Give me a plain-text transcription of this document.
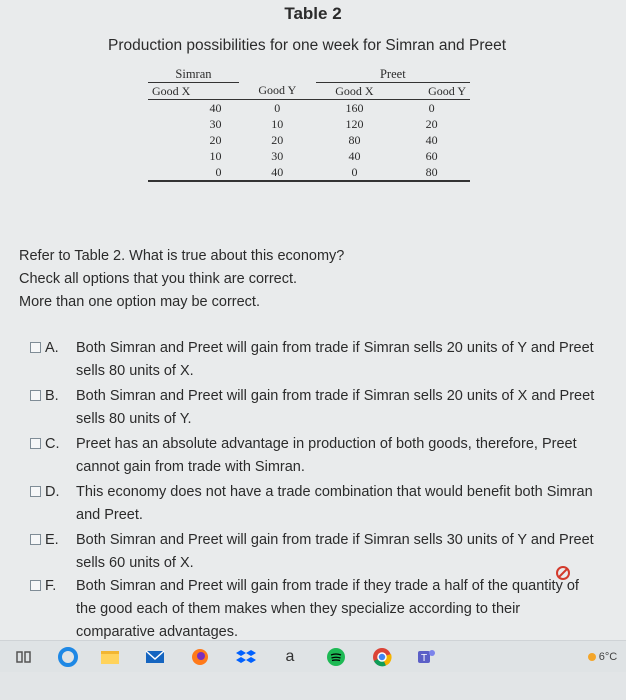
Table 2
Production possibilities for one week for Simran and Preet
Simran			Preet	
Good X		Good Y	Good X	Good Y
40		0	160	0
30		10	120	20
20		20	80	40
10		30	40	60
0		40	0	80
Refer to Table 2. What is true about this economy?
Check all options that you think are correct.
More than one option may be correct.
A. Both Simran and Preet will gain from trade if Simran sells 20 units of Y and Preet sells 80 units of X.
B. Both Simran and Preet will gain from trade if Simran sells 20 units of X and Preet sells 80 units of Y.
C. Preet has an absolute advantage in production of both goods, therefore, Preet cannot gain from trade with Simran.
D. This economy does not have a trade combination that would benefit both Simran and Preet.
E. Both Simran and Preet will gain from trade if Simran sells 30 units of Y and Preet sells 60 units of X.
F. Both Simran and Preet will gain from trade if they trade a half of the quantity of the good each of them makes when they specialize according to their comparative advantages.
a	T	6°C
